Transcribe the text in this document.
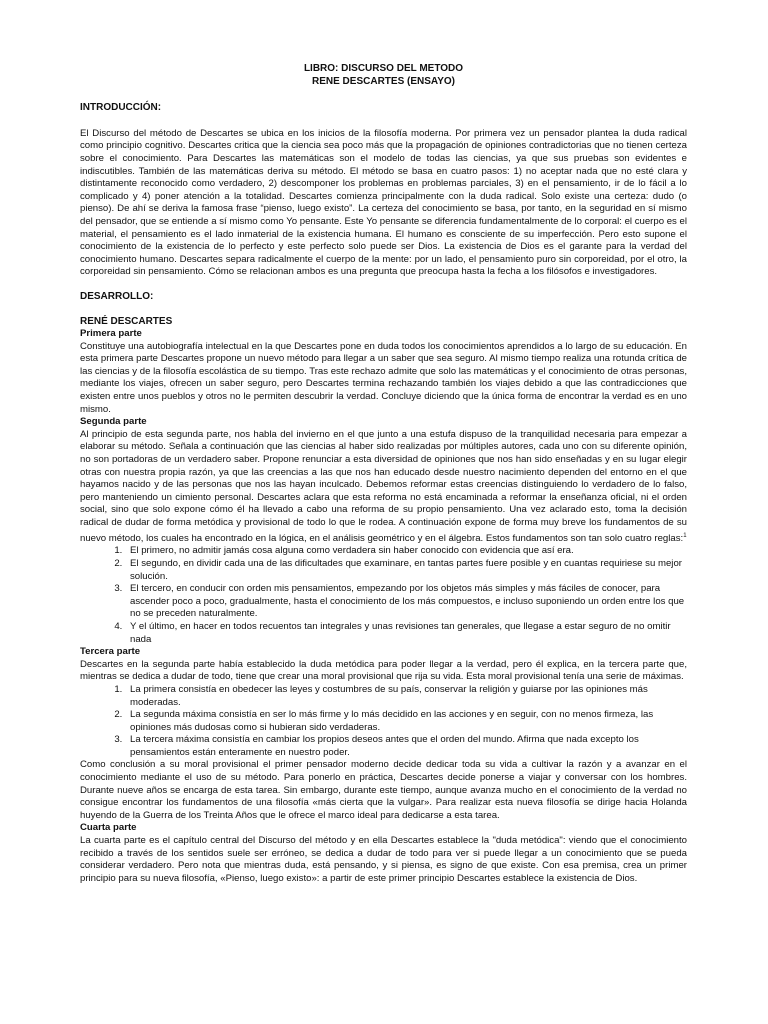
LIBRO: DISCURSO DEL METODO
RENE DESCARTES (ENSAYO)
INTRODUCCIÓN:

El Discurso del método de Descartes se ubica en los inicios de la filosofía moderna. Por primera vez un pensador plantea la duda radical como principio cognitivo. Descartes critica que la ciencia sea poco más que la propagación de opiniones contradictorias que no tienen certeza sobre el conocimiento. Para Descartes las matemáticas son el modelo de todas las ciencias, ya que sus pruebas son evidentes e indiscutibles. También de las matemáticas deriva su método. El método se basa en cuatro pasos: 1) no aceptar nada que no esté clara y distintamente reconocido como verdadero, 2) descomponer los problemas en problemas parciales, 3) en el pensamiento, ir de lo fácil a lo complicado y 4) poner atención a la totalidad. Descartes comienza principalmente con la duda radical. Solo existe una certeza: dudo (o pienso). De ahí se deriva la famosa frase “pienso, luego existo”. La certeza del conocimiento se basa, por tanto, en la seguridad en sí mismo del pensador, que se entiende a sí mismo como Yo pensante. Este Yo pensante se diferencia fundamentalmente de lo corporal: el cuerpo es el material, el pensamiento es el lado inmaterial de la existencia humana. El humano es consciente de su imperfección. Pero esto supone el conocimiento de la existencia de lo perfecto y este perfecto solo puede ser Dios. La existencia de Dios es el garante para la verdad del conocimiento humano. Descartes separa radicalmente el cuerpo de la mente: por un lado, el pensamiento puro sin corporeidad, por el otro, la corporeidad sin pensamiento. Cómo se relacionan ambos es una pregunta que preocupa hasta la fecha a los filósofos e investigadores.

DESARROLLO:
RENÉ DESCARTES
Primera parte

Constituye una autobiografía intelectual en la que Descartes pone en duda todos los conocimientos aprendidos a lo largo de su educación. En esta primera parte Descartes propone un nuevo método para llegar a un saber que sea seguro. Al mismo tiempo realiza una rotunda crítica de las ciencias y de la filosofía escolástica de su tiempo. Tras este rechazo admite que solo las matemáticas y el conocimiento de otras personas, mediante los viajes, ofrecen un saber seguro, pero Descartes termina rechazando también los viajes debido a que las contradicciones que existen entre unos pueblos y otros no le permiten descubrir la verdad. Concluye diciendo que la única forma de encontrar la verdad es en uno mismo.

Segunda parte

Al principio de esta segunda parte, nos habla del invierno en el que junto a una estufa dispuso de la tranquilidad necesaria para empezar a elaborar su método. Señala a continuación que las ciencias al haber sido realizadas por múltiples autores, cada uno con su diferente opinión, no son portadoras de un verdadero saber. Propone renunciar a esta diversidad de opiniones que nos han sido enseñadas y en su lugar elegir otras con nuestra propia razón, ya que las creencias a las que nos han educado desde nuestro nacimiento dependen del entorno en el que hayamos nacido y de las personas que nos las hayan inculcado. Debemos reformar estas creencias distinguiendo lo verdadero de lo falso, pero manteniendo un cimiento personal. Descartes aclara que esta reforma no está encaminada a reformar la enseñanza oficial, ni el orden social, sino que solo expone cómo él ha llevado a cabo una reforma de su propio pensamiento. Una vez aclarado esto, toma la decisión radical de dudar de forma metódica y provisional de todo lo que le rodea. A continuación expone de forma muy breve los fundamentos de su nuevo método, los cuales ha encontrado en la lógica, en el análisis geométrico y en el álgebra. Estos fundamentos son tan solo cuatro reglas:$^1$

1. El primero, no admitir jamás cosa alguna como verdadera sin haber conocido con evidencia que así era.
2. El segundo, en dividir cada una de las dificultades que examinare, en tantas partes fuere posible y en cuantas requiriese su mejor solución.
3. El tercero, en conducir con orden mis pensamientos, empezando por los objetos más simples y más fáciles de conocer, para ascender poco a poco, gradualmente, hasta el conocimiento de los más compuestos, e incluso suponiendo un orden entre los que no se preceden naturalmente.
4. Y el último, en hacer en todos recuentos tan integrales y unas revisiones tan generales, que llegase a estar seguro de no omitir nada
Tercera parte

Descartes en la segunda parte había establecido la duda metódica para poder llegar a la verdad, pero él explica, en la tercera parte que, mientras se dedica a dudar de todo, tiene que crear una moral provisional que rija su vida. Esta moral provisional tenía una serie de máximas.

1. La primera consistía en obedecer las leyes y costumbres de su país, conservar la religión y guiarse por las opiniones más moderadas.
2. La segunda máxima consistía en ser lo más firme y lo más decidido en las acciones y en seguir, con no menos firmeza, las opiniones más dudosas como si hubieran sido verdaderas.
3. La tercera máxima consistía en cambiar los propios deseos antes que el orden del mundo. Afirma que nada excepto los pensamientos están enteramente en nuestro poder.

Como conclusión a su moral provisional el primer pensador moderno decide dedicar toda su vida a cultivar la razón y a avanzar en el conocimiento mediante el uso de su método. Para ponerlo en práctica, Descartes decide ponerse a viajar y conversar con los hombres. Durante nueve años se encarga de esta tarea. Sin embargo, durante este tiempo, aunque avanza mucho en el conocimiento de la verdad no consigue encontrar los fundamentos de una filosofía «más cierta que la vulgar». Para realizar esta nueva filosofía se dirige hacia Holanda huyendo de la Guerra de los Treinta Años que le ofrece el marco ideal para dedicarse a esta tarea.

Cuarta parte

La cuarta parte es el capítulo central del Discurso del método y en ella Descartes establece la "duda metódica": viendo que el conocimiento recibido a través de los sentidos suele ser erróneo, se dedica a dudar de todo para ver si puede llegar a un conocimiento que se pueda considerar verdadero. Pero nota que mientras duda, está pensando, y si piensa, es signo de que existe. Con esa premisa, crea un primer principio para su nueva filosofía, «Pienso, luego existo»: a partir de este primer principio Descartes establece la existencia de Dios.
